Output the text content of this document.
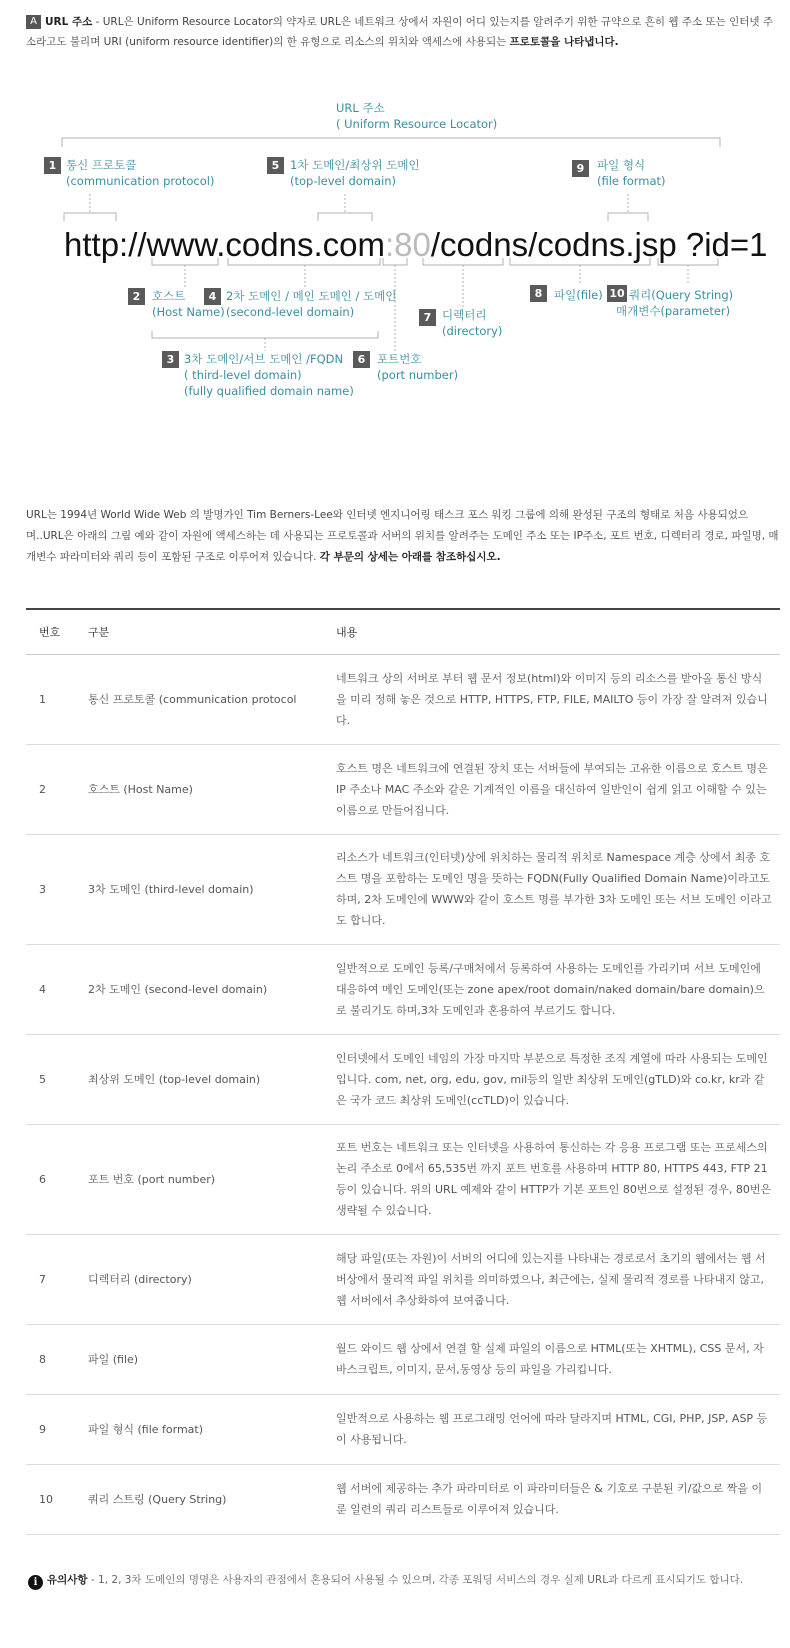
A URL 주소 - URL은 Uniform Resource Locator의 약자로 URL은 네트워크 상에서 자원이 어디 있는지를 알려주기 위한 규약으로 흔히 웹 주소 또는 인터넷 주소라고도 불리며 URI (uniform resource identifier)의 한 유형으로 리소스의 위치와 액세스에 사용되는 프로토콜을 나타냅니다.
URL 주소
( Uniform Resource Locator)
http://www.codns.com:80/codns/codns.jsp ?id=1
1 통신 프로토콜
(communication protocol)
5 1차 도메인/최상위 도메인
(top-level domain)
9	파일 형식
(file format)
2	호스트
(Host Name)
4 2차 도메인 / 메인 도메인 / 도메인
(second-level domain)	7 디렉터리
(directory)
8	파일(file) 10 쿼리(Query String)
매개변수(parameter)
3 3차 도메인/서브 도메인 /FQDN
( third-level domain)
(fully qualified domain name)
6	포트번호
(port number)
URL는 1994년 World Wide Web 의 발명가인 Tim Berners-Lee와 인터넷 엔지니어링 태스크 포스 워킹 그룹에 의해 완성된 구조의 형태로 처음 사용되었으며..URL은 아래의 그림 예와 같이 자원에 액세스하는 데 사용되는 프로토콜과 서버의 위치를 알려주는 도메인 주소 또는 IP주소, 포트 번호, 디렉터리 경로, 파일명, 매개변수 파라미터와 쿼리 등이 포함된 구조로 이루어져 있습니다. 각 부문의 상세는 아래를 참조하십시오.
번호	구분	내용
1	통신 프로토콜 (communication protocol	네트워크 상의 서버로 부터 웹 문서 정보(html)와 이미지 등의 리소스를 받아올 통신 방식을 미리 정해 놓은 것으로 HTTP, HTTPS, FTP, FILE, MAILTO 등이 가장 잘 알려져 있습니다.
2	호스트 (Host Name)	호스트 명은 네트워크에 연결된 장치 또는 서버들에 부여되는 고유한 이름으로 호스트 명은 IP 주소나 MAC 주소와 같은 기계적인 이름을 대신하여 일반인이 쉽게 읽고 이해할 수 있는 이름으로 만들어집니다.
3	3차 도메인 (third-level domain)	리소스가 네트워크(인터넷)상에 위치하는 물리적 위치로 Namespace 계층 상에서 최종 호스트 명을 포함하는 도메인 명을 뜻하는 FQDN(Fully Qualified Domain Name)이라고도 하며, 2차 도메인에 WWW와 같이 호스트 명를 부가한 3차 도메인 또는 서브 도메인 이라고도 합니다.
4	2차 도메인 (second-level domain)	일반적으로 도메인 등록/구매처에서 등록하여 사용하는 도메인를 가리키며 서브 도메인에 대응하여 메인 도메인(또는 zone apex/root domain/naked domain/bare domain)으로 불리기도 하며,3차 도메인과 혼용하여 부르기도 합니다.
5	최상위 도메인 (top-level domain)	인터넷에서 도메인 네임의 가장 마지막 부분으로 특정한 조직 계열에 따라 사용되는 도메인입니다. com, net, org, edu, gov, mil등의 일반 최상위 도메인(gTLD)와 co.kr, kr과 같은 국가 코드 최상위 도메인(ccTLD)이 있습니다.
6	포트 번호 (port number)	포트 번호는 네트워크 또는 인터넷을 사용하여 통신하는 각 응용 프로그램 또는 프로세스의 논리 주소로 0에서 65,535번 까지 포트 번호를 사용하며 HTTP 80, HTTPS 443, FTP 21 등이 있습니다. 위의 URL 예제와 같이 HTTP가 기본 포트인 80번으로 설정된 경우, 80번은 생략될 수 있습니다.
7	디렉터리 (directory)	해당 파일(또는 자원)이 서버의 어디에 있는지를 나타내는 경로로서 초기의 웹에서는 웹 서버상에서 물리적 파일 위치를 의미하였으나, 최근에는, 실제 물리적 경로를 나타내지 않고, 웹 서버에서 추상화하여 보여줍니다.
8	파일 (file)	월드 와이드 웹 상에서 연결 할 실제 파일의 이름으로 HTML(또는 XHTML), CSS 문서, 자바스크립트, 이미지, 문서,동영상 등의 파일을 가리킵니다.
9	파일 형식 (file format)	일반적으로 사용하는 웹 프로그래밍 언어에 따라 달라지며 HTML, CGI, PHP, JSP, ASP 등이 사용됩니다.
10	쿼리 스트링 (Query String)	웹 서버에 제공하는 추가 파라미터로 이 파라미터들은 & 기호로 구분된 키/값으로 짝을 이룬 일련의 쿼리 리스트들로 이루어져 있습니다.
i 유의사항 - 1, 2, 3차 도메인의 명명은 사용자의 관점에서 혼용되어 사용될 수 있으며, 각종 포워딩 서비스의 경우 실제 URL과 다르게 표시되기도 합니다.
